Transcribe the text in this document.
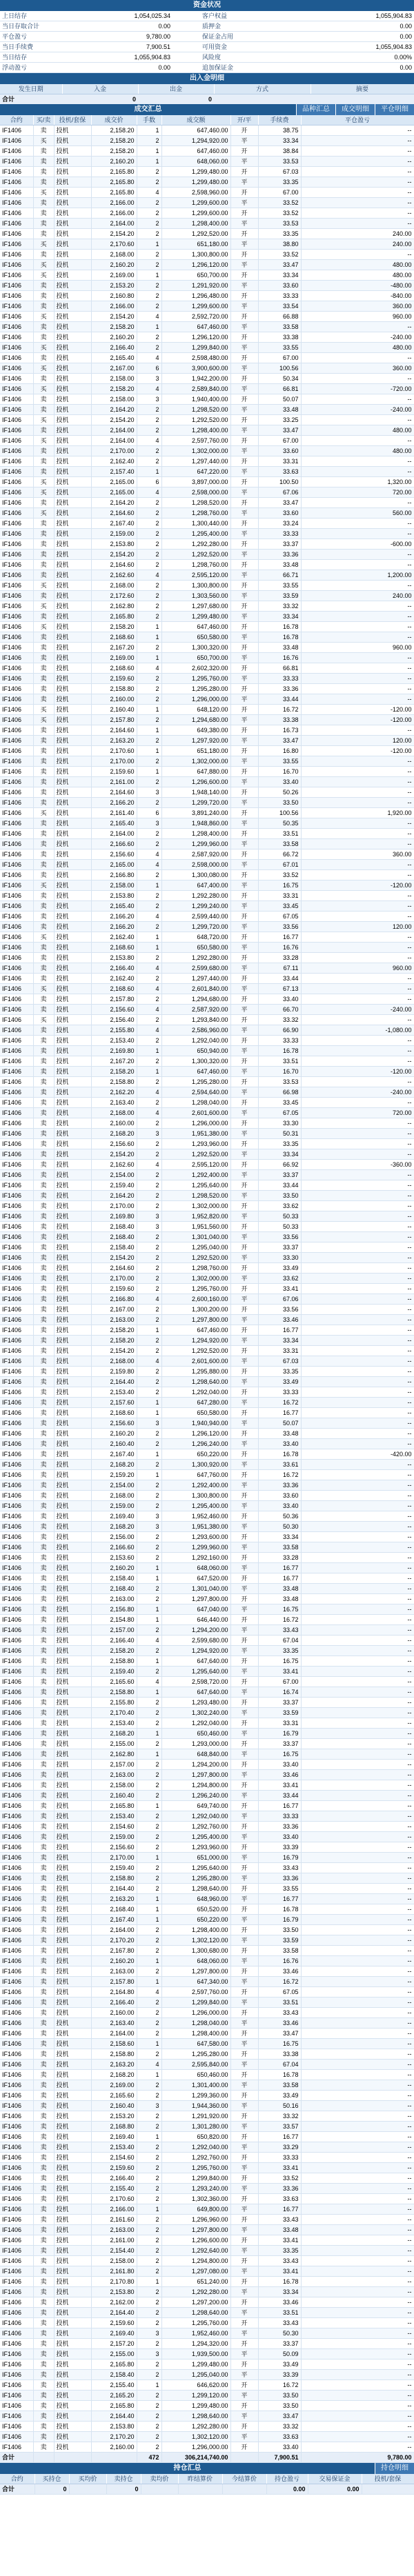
资金状况
上日结存	1,054,025.34		客户权益	1,055,904.83
当日存取合计	0.00		质押金	0.00
平仓盈亏	9,780.00		保证金占用	0.00
当日手续费	7,900.51		可用资金	1,055,904.83
当日结存	1,055,904.83		风险度	0.00%
浮动盈亏	0.00		追加保证金	0.00
出入金明细
发生日期	入金	出金	方式	摘要
合计	0	0		
成交汇总	品种汇总	成交明细	平仓明细
合约	买/卖	投机/套保	成交价	手数	成交额	开/平	手续费	平仓盈亏
IF1406	卖	投机	2,158.20	1	647,460.00	开	38.75	--
IF1406	买	投机	2,158.20	2	1,294,920.00	平	33.34	--
IF1406	卖	投机	2,158.20	1	647,460.00	开	38.84	--
IF1406	卖	投机	2,160.20	1	648,060.00	平	33.53	--
IF1406	卖	投机	2,165.80	2	1,299,480.00	开	67.03	--
IF1406	卖	投机	2,165.80	2	1,299,480.00	平	33.35	--
IF1406	买	投机	2,165.80	4	2,598,960.00	开	67.00	--
IF1406	卖	投机	2,166.00	2	1,299,600.00	平	33.52	--
IF1406	卖	投机	2,166.00	2	1,299,600.00	开	33.52	--
IF1406	卖	投机	2,164.00	2	1,298,400.00	平	33.53	--
IF1406	卖	投机	2,154.20	2	1,292,520.00	开	33.35	240.00
IF1406	买	投机	2,170.60	1	651,180.00	平	38.80	240.00
IF1406	卖	投机	2,168.00	2	1,300,800.00	开	33.52	--
IF1406	买	投机	2,160.20	2	1,296,120.00	平	33.47	480.00
IF1406	买	投机	2,169.00	1	650,700.00	开	33.34	480.00
IF1406	卖	投机	2,153.20	2	1,291,920.00	平	33.60	-480.00
IF1406	卖	投机	2,160.80	2	1,296,480.00	开	33.33	-840.00
IF1406	卖	投机	2,166.00	2	1,299,600.00	平	33.54	360.00
IF1406	买	投机	2,154.20	4	2,592,720.00	开	66.88	960.00
IF1406	卖	投机	2,158.20	1	647,460.00	平	33.58	--
IF1406	卖	投机	2,160.20	2	1,296,120.00	开	33.38	-240.00
IF1406	买	投机	2,166.40	2	1,299,840.00	平	33.55	480.00
IF1406	卖	投机	2,165.40	4	2,598,480.00	开	67.00	--
IF1406	买	投机	2,167.00	6	3,900,600.00	平	100.56	360.00
IF1406	卖	投机	2,158.00	3	1,942,200.00	开	50.34	--
IF1406	买	投机	2,158.20	4	2,589,840.00	平	66.81	-720.00
IF1406	卖	投机	2,158.00	3	1,940,400.00	开	50.07	--
IF1406	卖	投机	2,164.20	2	1,298,520.00	平	33.48	-240.00
IF1406	买	投机	2,154.20	2	1,292,520.00	开	33.25	--
IF1406	卖	投机	2,164.00	2	1,298,400.00	平	33.47	480.00
IF1406	买	投机	2,164.00	4	2,597,760.00	开	67.00	--
IF1406	卖	投机	2,170.00	2	1,302,000.00	平	33.60	480.00
IF1406	卖	投机	2,162.40	2	1,297,440.00	开	33.31	--
IF1406	卖	投机	2,157.40	1	647,220.00	平	33.63	--
IF1406	买	投机	2,165.00	6	3,897,000.00	开	100.50	1,320.00
IF1406	买	投机	2,165.00	4	2,598,000.00	平	67.06	720.00
IF1406	卖	投机	2,164.20	2	1,298,520.00	开	33.47	--
IF1406	买	投机	2,164.60	2	1,298,760.00	平	33.60	560.00
IF1406	卖	投机	2,167.40	2	1,300,440.00	开	33.24	--
IF1406	卖	投机	2,159.00	2	1,295,400.00	平	33.33	--
IF1406	卖	投机	2,153.80	2	1,292,280.00	开	33.37	-600.00
IF1406	卖	投机	2,154.20	2	1,292,520.00	平	33.36	--
IF1406	卖	投机	2,164.60	2	1,298,760.00	开	33.48	--
IF1406	卖	投机	2,162.60	4	2,595,120.00	平	66.71	1,200.00
IF1406	买	投机	2,168.00	2	1,300,800.00	开	33.55	--
IF1406	卖	投机	2,172.60	2	1,303,560.00	平	33.59	240.00
IF1406	买	投机	2,162.80	2	1,297,680.00	开	33.32	--
IF1406	卖	投机	2,165.80	2	1,299,480.00	平	33.34	--
IF1406	买	投机	2,158.20	1	647,460.00	开	16.78	--
IF1406	卖	投机	2,168.60	1	650,580.00	平	16.78	--
IF1406	卖	投机	2,167.20	2	1,300,320.00	开	33.48	960.00
IF1406	卖	投机	2,169.00	1	650,700.00	平	16.76	--
IF1406	卖	投机	2,168.60	4	2,602,320.00	开	66.81	--
IF1406	卖	投机	2,159.60	2	1,295,760.00	平	33.33	--
IF1406	卖	投机	2,158.80	2	1,295,280.00	开	33.36	--
IF1406	卖	投机	2,160.00	2	1,296,000.00	平	33.44	--
IF1406	买	投机	2,160.40	1	648,120.00	开	16.72	-120.00
IF1406	买	投机	2,157.80	2	1,294,680.00	平	33.38	-120.00
IF1406	卖	投机	2,164.60	1	649,380.00	开	16.73	--
IF1406	卖	投机	2,163.20	2	1,297,920.00	平	33.47	120.00
IF1406	卖	投机	2,170.60	1	651,180.00	开	16.80	-120.00
IF1406	卖	投机	2,170.00	2	1,302,000.00	平	33.55	--
IF1406	卖	投机	2,159.60	1	647,880.00	开	16.70	--
IF1406	卖	投机	2,161.00	2	1,296,600.00	平	33.40	--
IF1406	卖	投机	2,164.60	3	1,948,140.00	开	50.26	--
IF1406	卖	投机	2,166.20	2	1,299,720.00	平	33.50	--
IF1406	买	投机	2,161.40	6	3,891,240.00	开	100.56	1,920.00
IF1406	卖	投机	2,165.40	3	1,948,860.00	平	50.35	--
IF1406	卖	投机	2,164.00	2	1,298,400.00	开	33.51	--
IF1406	卖	投机	2,166.60	2	1,299,960.00	平	33.58	--
IF1406	卖	投机	2,156.60	4	2,587,920.00	开	66.72	360.00
IF1406	卖	投机	2,165.00	4	2,598,000.00	平	67.01	--
IF1406	卖	投机	2,166.80	2	1,300,080.00	开	33.52	--
IF1406	买	投机	2,158.00	1	647,400.00	平	16.75	-120.00
IF1406	卖	投机	2,153.80	2	1,292,280.00	开	33.31	--
IF1406	卖	投机	2,165.40	2	1,299,240.00	平	33.45	--
IF1406	卖	投机	2,166.20	4	2,599,440.00	开	67.05	--
IF1406	卖	投机	2,166.20	2	1,299,720.00	平	33.56	120.00
IF1406	买	投机	2,162.40	1	648,720.00	开	16.77	--
IF1406	卖	投机	2,168.60	1	650,580.00	平	16.76	--
IF1406	卖	投机	2,153.80	2	1,292,280.00	开	33.28	--
IF1406	卖	投机	2,166.40	4	2,599,680.00	平	67.11	960.00
IF1406	卖	投机	2,162.40	2	1,297,440.00	开	33.44	--
IF1406	买	投机	2,168.60	4	2,601,840.00	平	67.13	--
IF1406	卖	投机	2,157.80	2	1,294,680.00	开	33.40	--
IF1406	卖	投机	2,156.60	4	2,587,920.00	平	66.70	-240.00
IF1406	买	投机	2,156.40	2	1,293,840.00	开	33.32	--
IF1406	卖	投机	2,155.80	4	2,586,960.00	平	66.90	-1,080.00
IF1406	卖	投机	2,153.40	2	1,292,040.00	开	33.33	--
IF1406	卖	投机	2,169.80	1	650,940.00	平	16.78	--
IF1406	卖	投机	2,167.20	2	1,300,320.00	开	33.51	--
IF1406	卖	投机	2,158.20	1	647,460.00	平	16.70	-120.00
IF1406	卖	投机	2,158.80	2	1,295,280.00	开	33.53	--
IF1406	卖	投机	2,162.20	4	2,594,640.00	平	66.98	-240.00
IF1406	卖	投机	2,163.40	2	1,298,040.00	开	33.45	--
IF1406	卖	投机	2,168.00	4	2,601,600.00	平	67.05	720.00
IF1406	卖	投机	2,160.00	2	1,296,000.00	开	33.30	--
IF1406	卖	投机	2,168.20	3	1,951,380.00	平	50.31	--
IF1406	卖	投机	2,156.60	2	1,293,960.00	开	33.35	--
IF1406	卖	投机	2,154.20	2	1,292,520.00	平	33.34	--
IF1406	卖	投机	2,162.60	4	2,595,120.00	开	66.92	-360.00
IF1406	卖	投机	2,154.00	2	1,292,400.00	平	33.37	--
IF1406	卖	投机	2,159.40	2	1,295,640.00	开	33.44	--
IF1406	卖	投机	2,164.20	2	1,298,520.00	平	33.50	--
IF1406	卖	投机	2,170.00	2	1,302,000.00	开	33.62	--
IF1406	卖	投机	2,169.80	3	1,952,820.00	平	50.33	--
IF1406	卖	投机	2,168.40	3	1,951,560.00	开	50.33	--
IF1406	卖	投机	2,168.40	2	1,301,040.00	平	33.56	--
IF1406	卖	投机	2,158.40	2	1,295,040.00	开	33.37	--
IF1406	卖	投机	2,154.20	2	1,292,520.00	平	33.30	--
IF1406	卖	投机	2,164.60	2	1,298,760.00	开	33.49	--
IF1406	卖	投机	2,170.00	2	1,302,000.00	平	33.62	--
IF1406	卖	投机	2,159.60	2	1,295,760.00	开	33.41	--
IF1406	卖	投机	2,166.80	4	2,600,160.00	平	67.06	--
IF1406	卖	投机	2,167.00	2	1,300,200.00	开	33.56	--
IF1406	卖	投机	2,163.00	2	1,297,800.00	平	33.46	--
IF1406	卖	投机	2,158.20	1	647,460.00	开	16.77	--
IF1406	卖	投机	2,158.20	2	1,294,920.00	平	33.34	--
IF1406	卖	投机	2,154.20	2	1,292,520.00	开	33.31	--
IF1406	卖	投机	2,168.00	4	2,601,600.00	平	67.03	--
IF1406	卖	投机	2,159.80	2	1,295,880.00	开	33.35	--
IF1406	卖	投机	2,164.40	2	1,298,640.00	平	33.49	--
IF1406	卖	投机	2,153.40	2	1,292,040.00	开	33.33	--
IF1406	卖	投机	2,157.60	1	647,280.00	平	16.72	--
IF1406	卖	投机	2,168.60	1	650,580.00	开	16.77	--
IF1406	卖	投机	2,156.60	3	1,940,940.00	平	50.07	--
IF1406	卖	投机	2,160.20	2	1,296,120.00	开	33.48	--
IF1406	卖	投机	2,160.40	2	1,296,240.00	平	33.40	--
IF1406	卖	投机	2,167.40	1	650,220.00	开	16.78	-420.00
IF1406	卖	投机	2,168.20	2	1,300,920.00	平	33.61	--
IF1406	卖	投机	2,159.20	1	647,760.00	开	16.72	--
IF1406	卖	投机	2,154.00	2	1,292,400.00	平	33.36	--
IF1406	卖	投机	2,168.00	2	1,300,800.00	开	33.60	--
IF1406	卖	投机	2,159.00	2	1,295,400.00	平	33.40	--
IF1406	卖	投机	2,169.40	3	1,952,460.00	开	50.36	--
IF1406	卖	投机	2,168.20	3	1,951,380.00	平	50.30	--
IF1406	卖	投机	2,156.00	2	1,293,600.00	开	33.34	--
IF1406	卖	投机	2,166.60	2	1,299,960.00	平	33.58	--
IF1406	卖	投机	2,153.60	2	1,292,160.00	开	33.28	--
IF1406	卖	投机	2,160.20	1	648,060.00	平	16.77	--
IF1406	卖	投机	2,158.40	1	647,520.00	开	16.77	--
IF1406	卖	投机	2,168.40	2	1,301,040.00	平	33.48	--
IF1406	卖	投机	2,163.00	2	1,297,800.00	开	33.48	--
IF1406	卖	投机	2,156.80	1	647,040.00	平	16.75	--
IF1406	卖	投机	2,154.80	1	646,440.00	开	16.72	--
IF1406	卖	投机	2,157.00	2	1,294,200.00	平	33.43	--
IF1406	卖	投机	2,166.40	4	2,599,680.00	开	67.04	--
IF1406	卖	投机	2,158.20	2	1,294,920.00	平	33.35	--
IF1406	卖	投机	2,158.80	1	647,640.00	开	16.75	--
IF1406	卖	投机	2,159.40	2	1,295,640.00	平	33.41	--
IF1406	卖	投机	2,165.60	4	2,598,720.00	开	67.00	--
IF1406	卖	投机	2,158.80	1	647,640.00	平	16.74	--
IF1406	卖	投机	2,155.80	2	1,293,480.00	开	33.37	--
IF1406	卖	投机	2,170.40	2	1,302,240.00	平	33.59	--
IF1406	卖	投机	2,153.40	2	1,292,040.00	开	33.31	--
IF1406	卖	投机	2,168.20	1	650,460.00	平	16.79	--
IF1406	卖	投机	2,155.00	2	1,293,000.00	开	33.37	--
IF1406	卖	投机	2,162.80	1	648,840.00	平	16.75	--
IF1406	卖	投机	2,157.00	2	1,294,200.00	开	33.40	--
IF1406	卖	投机	2,163.00	2	1,297,800.00	平	33.46	--
IF1406	卖	投机	2,158.00	2	1,294,800.00	开	33.41	--
IF1406	卖	投机	2,160.40	2	1,296,240.00	平	33.44	--
IF1406	卖	投机	2,165.80	1	649,740.00	开	16.77	--
IF1406	卖	投机	2,153.40	2	1,292,040.00	平	33.33	--
IF1406	卖	投机	2,154.60	2	1,292,760.00	开	33.36	--
IF1406	卖	投机	2,159.00	2	1,295,400.00	平	33.40	--
IF1406	卖	投机	2,156.60	2	1,293,960.00	开	33.39	--
IF1406	卖	投机	2,170.00	1	651,000.00	平	16.79	--
IF1406	卖	投机	2,159.40	2	1,295,640.00	开	33.43	--
IF1406	卖	投机	2,158.80	2	1,295,280.00	平	33.36	--
IF1406	卖	投机	2,164.40	2	1,298,640.00	开	33.55	--
IF1406	卖	投机	2,163.20	1	648,960.00	平	16.77	--
IF1406	卖	投机	2,168.40	1	650,520.00	开	16.78	--
IF1406	卖	投机	2,167.40	1	650,220.00	平	16.79	--
IF1406	卖	投机	2,164.00	2	1,298,400.00	开	33.50	--
IF1406	卖	投机	2,170.20	2	1,302,120.00	平	33.59	--
IF1406	卖	投机	2,167.80	2	1,300,680.00	开	33.58	--
IF1406	卖	投机	2,160.20	1	648,060.00	平	16.76	--
IF1406	卖	投机	2,163.00	2	1,297,800.00	开	33.46	--
IF1406	卖	投机	2,157.80	1	647,340.00	平	16.72	--
IF1406	卖	投机	2,164.80	4	2,597,760.00	开	67.05	--
IF1406	卖	投机	2,166.40	2	1,299,840.00	平	33.51	--
IF1406	卖	投机	2,160.00	2	1,296,000.00	开	33.43	--
IF1406	卖	投机	2,163.40	2	1,298,040.00	平	33.46	--
IF1406	卖	投机	2,164.00	2	1,298,400.00	开	33.47	--
IF1406	卖	投机	2,158.60	1	647,580.00	平	16.75	--
IF1406	卖	投机	2,158.80	2	1,295,280.00	开	33.38	--
IF1406	卖	投机	2,163.20	4	2,595,840.00	平	67.04	--
IF1406	卖	投机	2,168.20	1	650,460.00	开	16.78	--
IF1406	卖	投机	2,169.00	2	1,301,400.00	平	33.58	--
IF1406	卖	投机	2,165.60	2	1,299,360.00	开	33.49	--
IF1406	卖	投机	2,160.40	3	1,944,360.00	平	50.16	--
IF1406	卖	投机	2,153.20	2	1,291,920.00	开	33.32	--
IF1406	卖	投机	2,168.80	2	1,301,280.00	平	33.57	--
IF1406	卖	投机	2,169.40	1	650,820.00	开	16.77	--
IF1406	卖	投机	2,153.40	2	1,292,040.00	平	33.29	--
IF1406	卖	投机	2,154.60	2	1,292,760.00	开	33.33	--
IF1406	卖	投机	2,159.60	2	1,295,760.00	平	33.41	--
IF1406	卖	投机	2,166.40	2	1,299,840.00	开	33.52	--
IF1406	卖	投机	2,155.40	2	1,293,240.00	平	33.36	--
IF1406	卖	投机	2,170.60	2	1,302,360.00	开	33.63	--
IF1406	卖	投机	2,166.00	1	649,800.00	平	16.77	--
IF1406	卖	投机	2,161.60	2	1,296,960.00	开	33.43	--
IF1406	卖	投机	2,163.00	2	1,297,800.00	平	33.48	--
IF1406	卖	投机	2,161.00	2	1,296,600.00	开	33.41	--
IF1406	卖	投机	2,154.40	2	1,292,640.00	平	33.35	--
IF1406	卖	投机	2,158.00	2	1,294,800.00	开	33.43	--
IF1406	卖	投机	2,161.80	2	1,297,080.00	平	33.41	--
IF1406	卖	投机	2,170.80	1	651,240.00	开	16.78	--
IF1406	卖	投机	2,153.80	2	1,292,280.00	平	33.34	--
IF1406	卖	投机	2,162.00	2	1,297,200.00	开	33.46	--
IF1406	卖	投机	2,164.40	2	1,298,640.00	平	33.51	--
IF1406	卖	投机	2,159.60	2	1,295,760.00	开	33.43	--
IF1406	卖	投机	2,169.40	3	1,952,460.00	平	50.30	--
IF1406	卖	投机	2,157.20	2	1,294,320.00	开	33.37	--
IF1406	卖	投机	2,155.00	3	1,939,500.00	平	50.09	--
IF1406	卖	投机	2,165.80	2	1,299,480.00	开	33.49	--
IF1406	卖	投机	2,158.40	2	1,295,040.00	平	33.39	--
IF1406	卖	投机	2,155.40	1	646,620.00	开	16.72	--
IF1406	卖	投机	2,165.20	2	1,299,120.00	平	33.50	--
IF1406	卖	投机	2,165.80	2	1,299,480.00	开	33.50	--
IF1406	卖	投机	2,164.40	2	1,298,640.00	平	33.47	--
IF1406	卖	投机	2,153.80	2	1,292,280.00	开	33.32	--
IF1406	卖	投机	2,170.20	2	1,302,120.00	平	33.63	--
IF1406	卖	投机	2,160.00	2	1,296,000.00	开	33.40	--
合计				472	306,214,740.00		7,900.51	9,780.00
持仓汇总	持仓明细
合约	买持仓	买均价	卖持仓	卖均价	昨结算价	今结算价	持仓盈亏	交易保证金	投机/套保
合计	0		0				0.00	0.00	
